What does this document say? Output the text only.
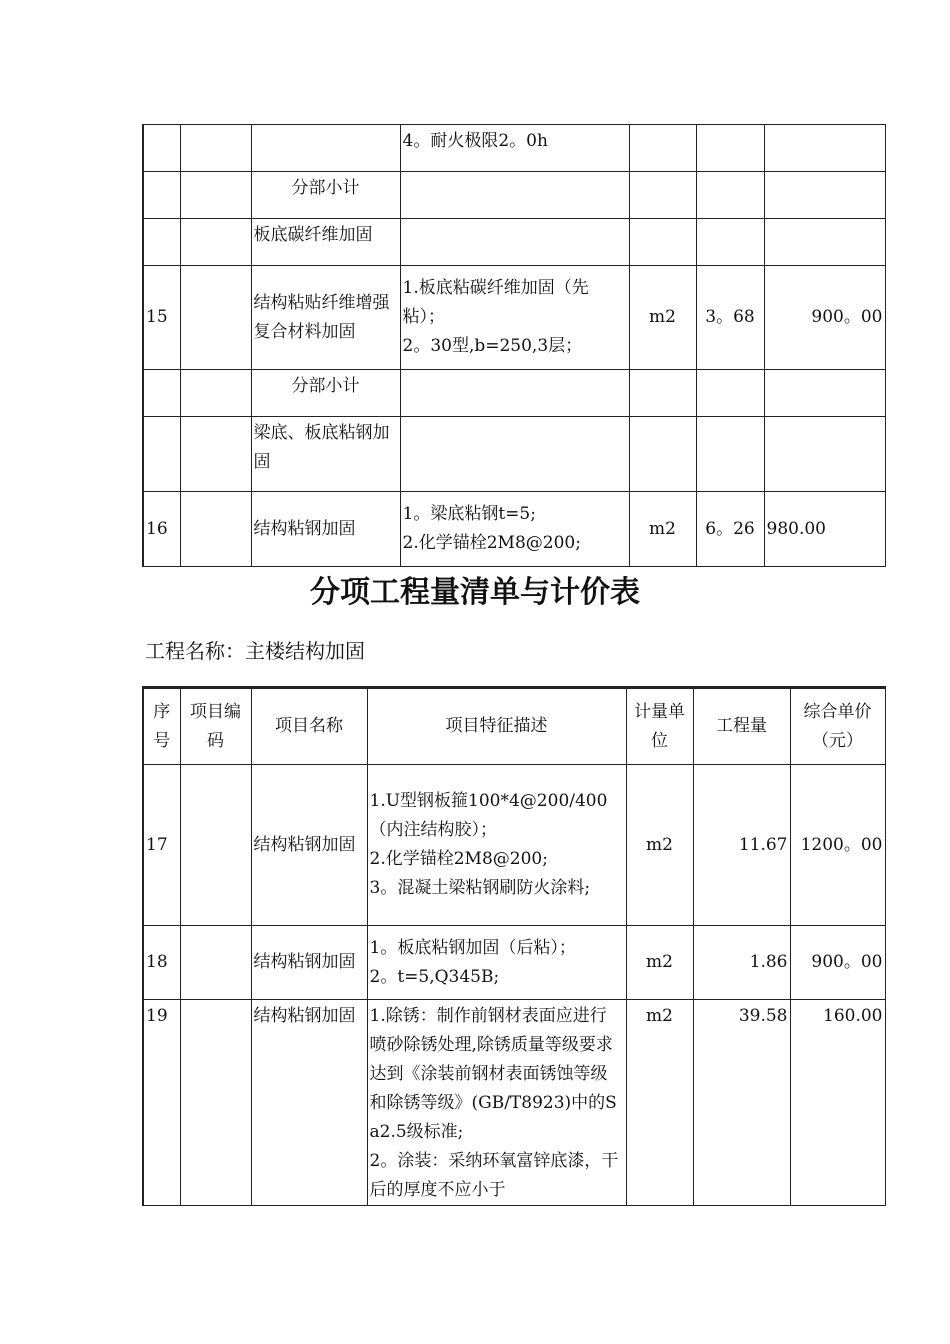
			4。耐火极限2。0h			
		分部小计				
		板底碳纤维加固				
15		结构粘贴纤维增强复合材料加固	1.板底粘碳纤维加固（先粘）；
2。30型,b=250,3层；	m2	3。68	900。00
		分部小计				
		梁底、板底粘钢加固				
16		结构粘钢加固	1。梁底粘钢t=5;
2.化学锚栓2M8@200;	m2	6。26	980.00
分项工程量清单与计价表
工程名称：主楼结构加固
序号	项目编码	项目名称	项目特征描述	计量单位	工程量	综合单价（元）
17		结构粘钢加固	1.U型钢板箍100*4@200/400（内注结构胶）；
2.化学锚栓2M8@200;
3。混凝土梁粘钢刷防火涂料;	m2	11.67	1200。00
18		结构粘钢加固	1。板底粘钢加固（后粘）；
2。t=5,Q345B;	m2	1.86	900。00
19		结构粘钢加固	1.除锈：制作前钢材表面应进行喷砂除锈处理,除锈质量等级要求达到《涂装前钢材表面锈蚀等级和除锈等级》(GB/T8923)中的Sa2.5级标准;
2。涂装：采纳环氧富锌底漆，干后的厚度不应小于	m2	39.58	160.00
